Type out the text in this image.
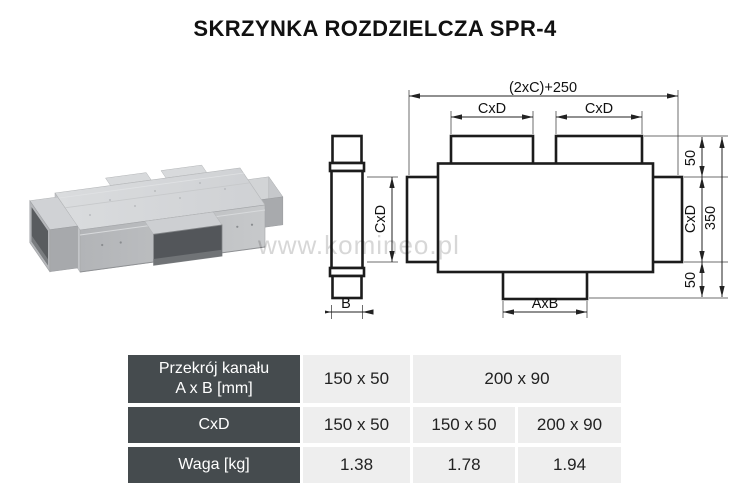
SKRZYNKA ROZDZIELCZA SPR-4
CxD
B
(2xC)+250
CxD	CxD
AxB
50
CxD
50
350
www.komineo.pl
Przekrój kanału
A x B [mm]
150 x 50	200 x 90
CxD	150 x 50	150 x 50	200 x 90
Waga [kg]	1.38	1.78	1.94
